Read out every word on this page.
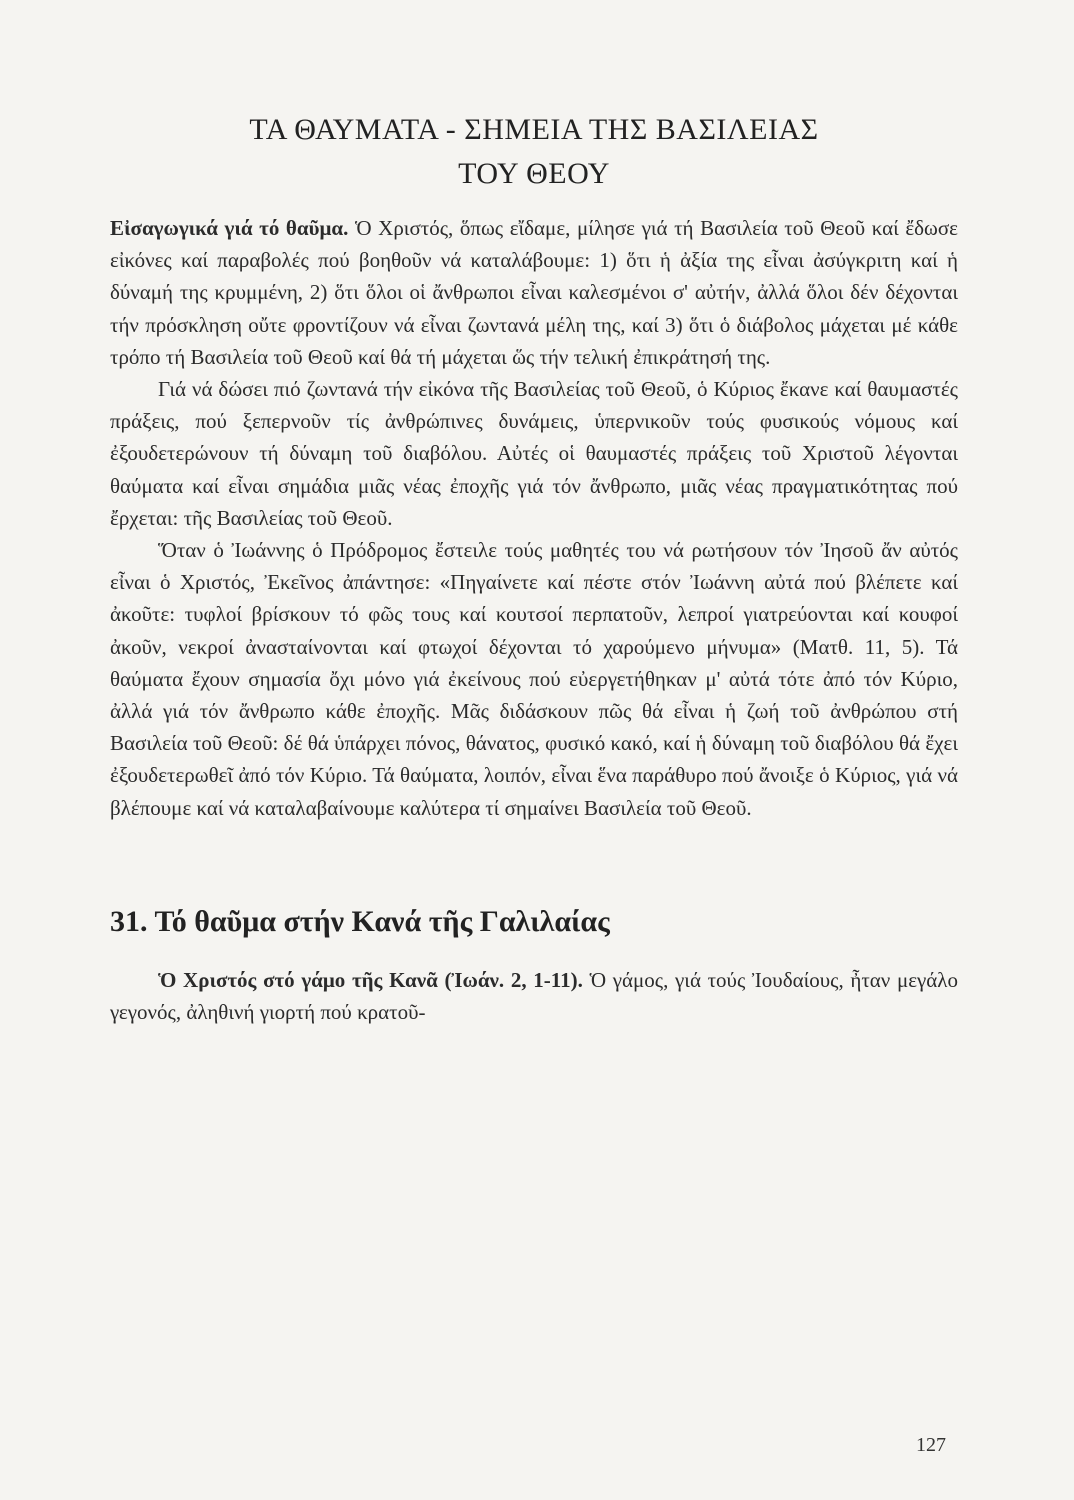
ΤΑ ΘΑΥΜΑΤΑ - ΣΗΜΕΙΑ ΤΗΣ ΒΑΣΙΛΕΙΑΣ
ΤΟΥ ΘΕΟΥ

Εἰσαγωγικά γιά τό θαῦμα. Ὁ Χριστός, ὅπως εἴδαμε, μίλησε γιά τή Βασιλεία τοῦ Θεοῦ καί ἔδωσε εἰκόνες καί παραβολές πού βοηθοῦν νά καταλάβουμε: 1) ὅτι ἡ ἀξία της εἶναι ἀσύγκριτη καί ἡ δύναμή της κρυμμένη, 2) ὅτι ὅλοι οἱ ἄνθρωποι εἶναι καλεσμένοι σ' αὐτήν, ἀλλά ὅλοι δέν δέχονται τήν πρόσκληση οὔτε φροντίζουν νά εἶναι ζωντανά μέλη της, καί 3) ὅτι ὁ διάβολος μάχεται μέ κάθε τρόπο τή Βασιλεία τοῦ Θεοῦ καί θά τή μάχεται ὥς τήν τελική ἐπικράτησή της.

Γιά νά δώσει πιό ζωντανά τήν εἰκόνα τῆς Βασιλείας τοῦ Θεοῦ, ὁ Κύριος ἔκανε καί θαυμαστές πράξεις, πού ξεπερνοῦν τίς ἀνθρώπινες δυνάμεις, ὑπερνικοῦν τούς φυσικούς νόμους καί ἐξουδετερώνουν τή δύναμη τοῦ διαβόλου. Αὐτές οἱ θαυμαστές πράξεις τοῦ Χριστοῦ λέγονται θαύματα καί εἶναι σημάδια μιᾶς νέας ἐποχῆς γιά τόν ἄνθρωπο, μιᾶς νέας πραγματικότητας πού ἔρχεται: τῆς Βασιλείας τοῦ Θεοῦ.

Ὅταν ὁ Ἰωάννης ὁ Πρόδρομος ἔστειλε τούς μαθητές του νά ρωτήσουν τόν Ἰησοῦ ἄν αὐτός εἶναι ὁ Χριστός, Ἐκεῖνος ἀπάντησε: «Πηγαίνετε καί πέστε στόν Ἰωάννη αὐτά πού βλέπετε καί ἀκοῦτε: τυφλοί βρίσκουν τό φῶς τους καί κουτσοί περπατοῦν, λεπροί γιατρεύονται καί κουφοί ἀκοῦν, νεκροί ἀνασταίνονται καί φτωχοί δέχονται τό χαρούμενο μήνυμα» (Ματθ. 11, 5). Τά θαύματα ἔχουν σημασία ὄχι μόνο γιά ἐκείνους πού εὐεργετήθηκαν μ' αὐτά τότε ἀπό τόν Κύριο, ἀλλά γιά τόν ἄνθρωπο κάθε ἐποχῆς. Μᾶς διδάσκουν πῶς θά εἶναι ἡ ζωή τοῦ ἀνθρώπου στή Βασιλεία τοῦ Θεοῦ: δέ θά ὑπάρχει πόνος, θάνατος, φυσικό κακό, καί ἡ δύναμη τοῦ διαβόλου θά ἔχει ἐξουδετερωθεῖ ἀπό τόν Κύριο. Τά θαύματα, λοιπόν, εἶναι ἕνα παράθυρο πού ἄνοιξε ὁ Κύριος, γιά νά βλέπουμε καί νά καταλαβαίνουμε καλύτερα τί σημαίνει Βασιλεία τοῦ Θεοῦ.

31. Τό θαῦμα στήν Κανά τῆς Γαλιλαίας

Ὁ Χριστός στό γάμο τῆς Κανᾶ (Ἰωάν. 2, 1-11). Ὁ γάμος, γιά τούς Ἰουδαίους, ἦταν μεγάλο γεγονός, ἀληθινή γιορτή πού κρατοῦ-

127
